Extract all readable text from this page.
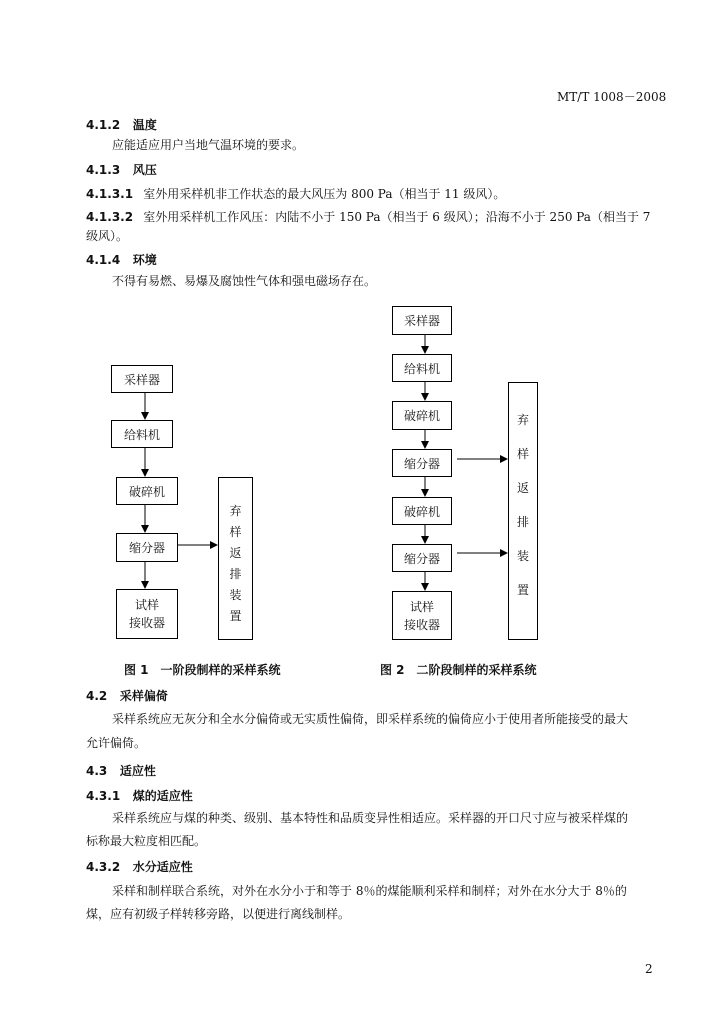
MT/T 1008－2008
4.1.2 温度
应能适应用户当地气温环境的要求。
4.1.3 风压
4.1.3.1 室外用采样机非工作状态的最大风压为 800 Pa（相当于 11 级风）。
4.1.3.2 室外用采样机工作风压：内陆不小于 150 Pa（相当于 6 级风）；沿海不小于 250 Pa（相当于 7
级风）。
4.1.4 环境
不得有易燃、易爆及腐蚀性气体和强电磁场存在。
采样器
给料机
破碎机
缩分器
试样
接收器
弃
样
返
排
装
置
采样器
给料机
破碎机
缩分器
破碎机
缩分器
试样
接收器
弃
样
返
排
装
置
图 1　一阶段制样的采样系统	图 2　二阶段制样的采样系统
4.2 采样偏倚
采样系统应无灰分和全水分偏倚或无实质性偏倚，即采样系统的偏倚应小于使用者所能接受的最大
允许偏倚。
4.3 适应性
4.3.1 煤的适应性
采样系统应与煤的种类、级别、基本特性和品质变异性相适应。采样器的开口尺寸应与被采样煤的
标称最大粒度相匹配。
4.3.2 水分适应性
采样和制样联合系统，对外在水分小于和等于 8％的煤能顺利采样和制样；对外在水分大于 8％的
煤，应有初级子样转移旁路，以便进行离线制样。
2
